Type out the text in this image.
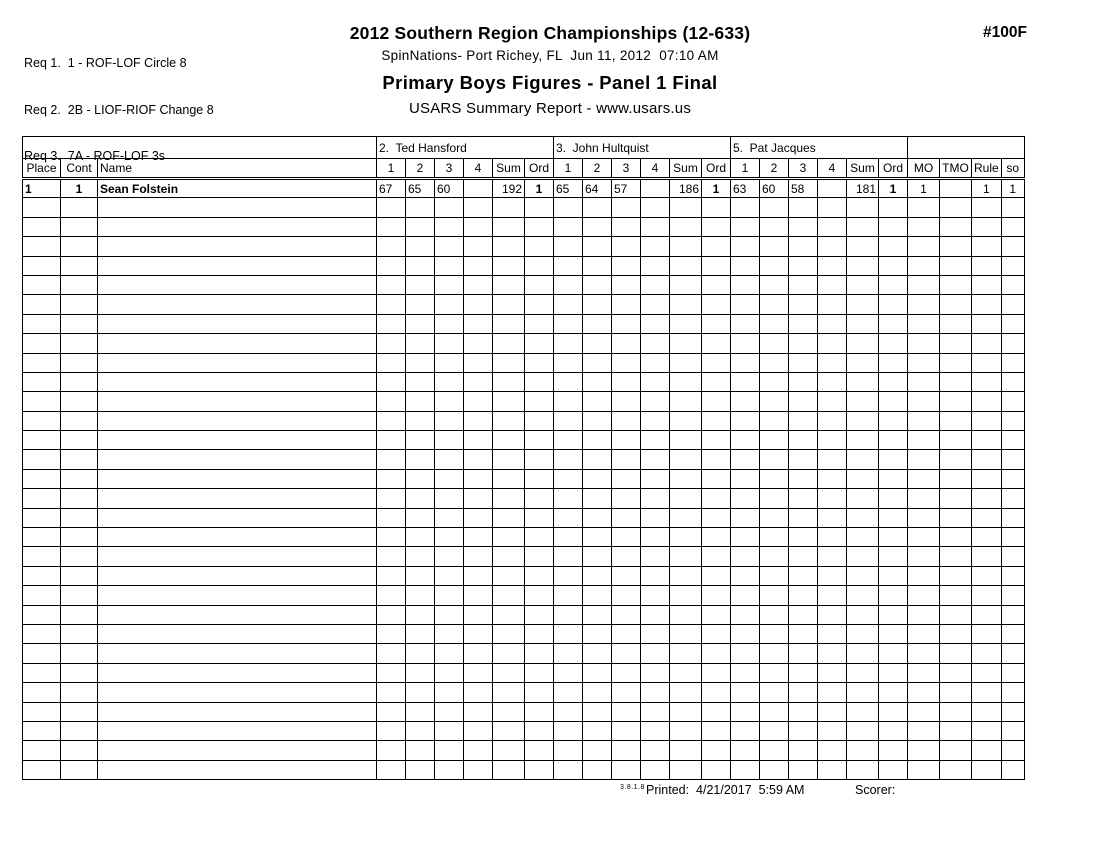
Req 1.  1 - ROF-LOF Circle 8

Req 2.  2B - LIOF-RIOF Change 8

Req 3.  7A - ROF-LOF 3s

2012 Southern Region Championships (12-633)
SpinNations- Port Richey, FL  Jun 11, 2012  07:10 AM
Primary Boys Figures - Panel 1 Final
USARS Summary Report - www.usars.us
#100F
			2.  Ted Hansford						3.  John Hultquist						5.  Pat Jacques									
Place	Cont	Name	1	2	3	4	Sum	Ord	1	2	3	4	Sum	Ord	1	2	3	4	Sum	Ord	MO	TMO	Rule	so
1	1	Sean Folstein	67	65	60		192	1	65	64	57		186	1	63	60	58		181	1	1		1	1

3.8.1.8 Printed:  4/21/2017  5:59 AM	Scorer:
